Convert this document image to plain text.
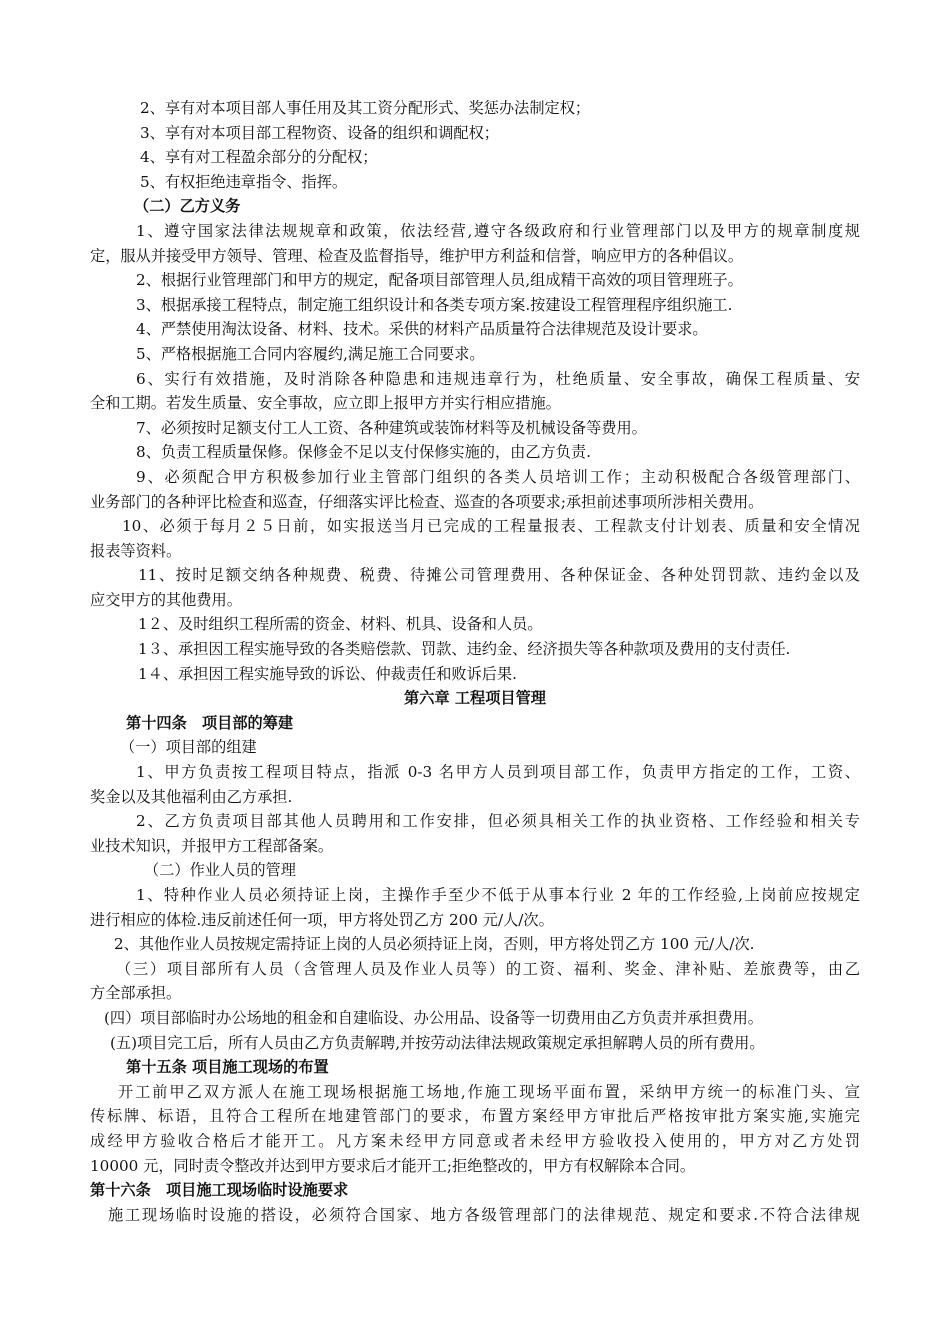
2、享有对本项目部人事任用及其工资分配形式、奖惩办法制定权；
3、享有对本项目部工程物资、设备的组织和调配权；
4、享有对工程盈余部分的分配权；
5、有权拒绝违章指令、指挥。
（二）乙方义务
1、遵守国家法律法规规章和政策，依法经营,遵守各级政府和行业管理部门以及甲方的规章制度规
定，服从并接受甲方领导、管理、检查及监督指导，维护甲方利益和信誉，响应甲方的各种倡议。
2、根据行业管理部门和甲方的规定，配备项目部管理人员,组成精干高效的项目管理班子。
3、根据承接工程特点，制定施工组织设计和各类专项方案.按建设工程管理程序组织施工.
4、严禁使用淘汰设备、材料、技术。采供的材料产品质量符合法律规范及设计要求。
5、严格根据施工合同内容履约,满足施工合同要求。
6、实行有效措施，及时消除各种隐患和违规违章行为，杜绝质量、安全事故，确保工程质量、安
全和工期。若发生质量、安全事故，应立即上报甲方并实行相应措施。
7、必须按时足额支付工人工资、各种建筑或装饰材料等及机械设备等费用。
8、负责工程质量保修。保修金不足以支付保修实施的，由乙方负责.
9、必须配合甲方积极参加行业主管部门组织的各类人员培训工作；主动积极配合各级管理部门、
业务部门的各种评比检查和巡查，仔细落实评比检查、巡查的各项要求;承担前述事项所涉相关费用。
10、必须于每月２５日前，如实报送当月已完成的工程量报表、工程款支付计划表、质量和安全情况
报表等资料。
11、按时足额交纳各种规费、税费、待摊公司管理费用、各种保证金、各种处罚罚款、违约金以及
应交甲方的其他费用。
1２、及时组织工程所需的资金、材料、机具、设备和人员。
1３、承担因工程实施导致的各类赔偿款、罚款、违约金、经济损失等各种款项及费用的支付责任.
1４、承担因工程实施导致的诉讼、仲裁责任和败诉后果.
第六章 工程项目管理
第十四条　项目部的筹建
（一）项目部的组建
1、甲方负责按工程项目特点，指派 0-3 名甲方人员到项目部工作，负责甲方指定的工作，工资、
奖金以及其他福利由乙方承担.
2、乙方负责项目部其他人员聘用和工作安排，但必须具相关工作的执业资格、工作经验和相关专
业技术知识，并报甲方工程部备案。
（二）作业人员的管理
1、特种作业人员必须持证上岗，主操作手至少不低于从事本行业 2 年的工作经验,上岗前应按规定
进行相应的体检.违反前述任何一项，甲方将处罚乙方 200 元/人/次。
2、其他作业人员按规定需持证上岗的人员必须持证上岗，否则，甲方将处罚乙方 100 元/人/次.
（三）项目部所有人员（含管理人员及作业人员等）的工资、福利、奖金、津补贴、差旅费等，由乙
方全部承担。
(四）项目部临时办公场地的租金和自建临设、办公用品、设备等一切费用由乙方负责并承担费用。
(五)项目完工后，所有人员由乙方负责解聘,并按劳动法律法规政策规定承担解聘人员的所有费用。
第十五条 项目施工现场的布置
开工前甲乙双方派人在施工现场根据施工场地,作施工现场平面布置，采纳甲方统一的标准门头、宣
传标牌、标语，且符合工程所在地建管部门的要求，布置方案经甲方审批后严格按审批方案实施,实施完
成经甲方验收合格后才能开工。凡方案未经甲方同意或者未经甲方验收投入使用的，甲方对乙方处罚
10000 元，同时责令整改并达到甲方要求后才能开工;拒绝整改的，甲方有权解除本合同。
第十六条　项目施工现场临时设施要求
施工现场临时设施的搭设，必须符合国家、地方各级管理部门的法律规范、规定和要求.不符合法律规
